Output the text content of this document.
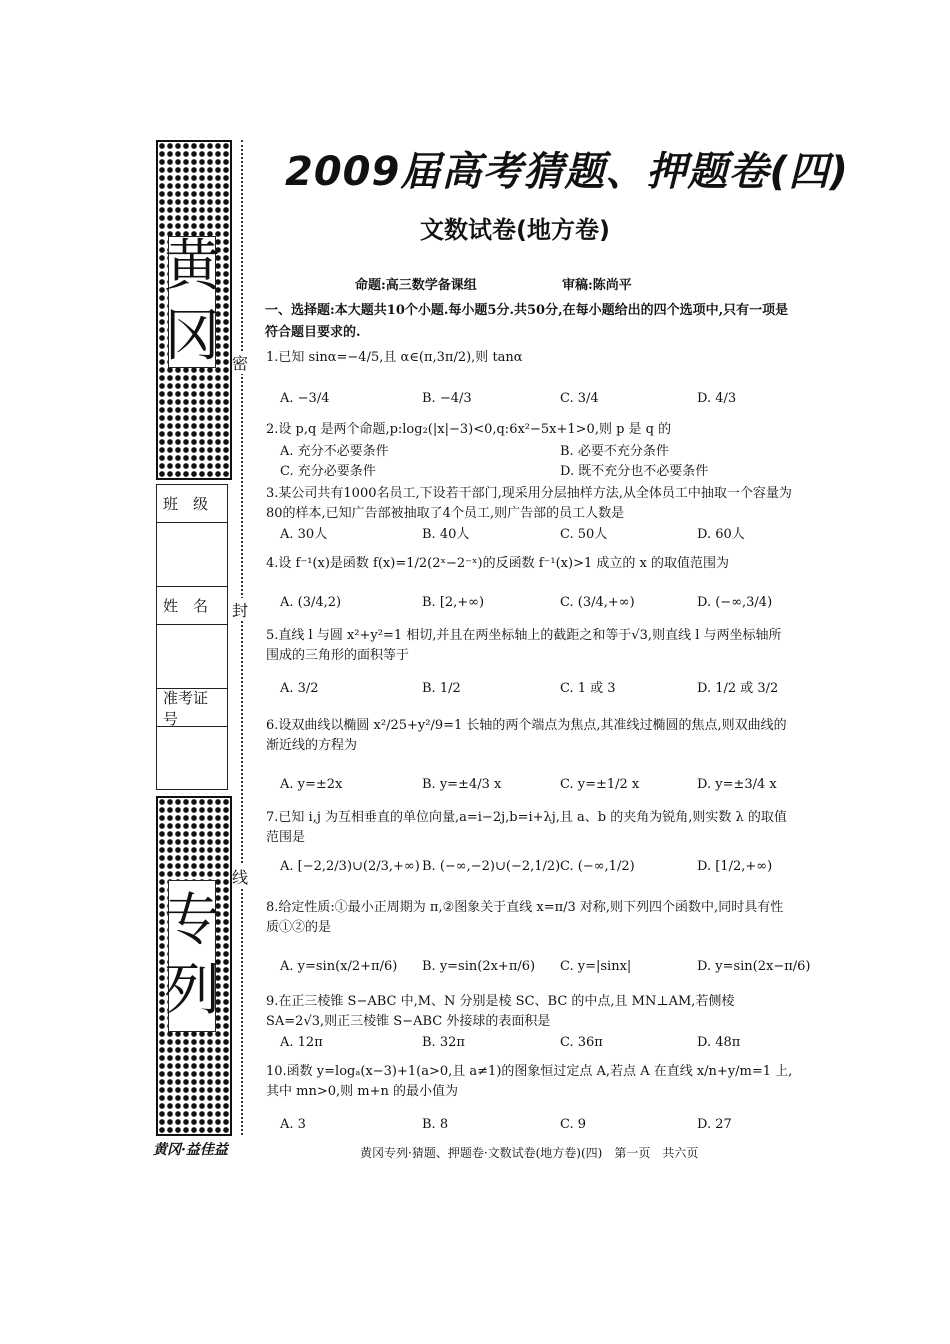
黄
冈
班　级
姓　名
准考证号
专
列
密
封
线
黄冈·益佳益
2009届高考猜题、押题卷(四)
文数试卷(地方卷)
命题:高三数学备课组	审稿:陈尚平
一、选择题:本大题共10个小题.每小题5分.共50分,在每小题给出的四个选项中,只有一项是符合题目要求的.
1.已知 sinα=−4/5,且 α∈(π,3π/2),则 tanα
A. −3/4	B. −4/3	C. 3/4	D. 4/3
2.设 p,q 是两个命题,p:log₂(|x|−3)<0,q:6x²−5x+1>0,则 p 是 q 的
A. 充分不必要条件	B. 必要不充分条件
C. 充分必要条件	D. 既不充分也不必要条件
3.某公司共有1000名员工,下设若干部门,现采用分层抽样方法,从全体员工中抽取一个容量为80的样本,已知广告部被抽取了4个员工,则广告部的员工人数是
A. 30人	B. 40人	C. 50人	D. 60人
4.设 f⁻¹(x)是函数 f(x)=1/2(2ˣ−2⁻ˣ)的反函数 f⁻¹(x)>1 成立的 x 的取值范围为
A. (3/4,2)	B. [2,+∞)	C. (3/4,+∞)	D. (−∞,3/4)
5.直线 l 与圆 x²+y²=1 相切,并且在两坐标轴上的截距之和等于√3,则直线 l 与两坐标轴所围成的三角形的面积等于
A. 3/2	B. 1/2	C. 1 或 3	D. 1/2 或 3/2
6.设双曲线以椭圆 x²/25+y²/9=1 长轴的两个端点为焦点,其准线过椭圆的焦点,则双曲线的渐近线的方程为
A. y=±2x	B. y=±4/3 x	C. y=±1/2 x	D. y=±3/4 x
7.已知 i,j 为互相垂直的单位向量,a=i−2j,b=i+λj,且 a、b 的夹角为锐角,则实数 λ 的取值范围是
A. [−2,2/3)∪(2/3,+∞) B. (−∞,−2)∪(−2,1/2) C. (−∞,1/2)	D. [1/2,+∞)
8.给定性质:①最小正周期为 π,②图象关于直线 x=π/3 对称,则下列四个函数中,同时具有性质①②的是
A. y=sin(x/2+π/6) B. y=sin(2x+π/6) C. y=|sinx|	D. y=sin(2x−π/6)
9.在正三棱锥 S−ABC 中,M、N 分别是棱 SC、BC 的中点,且 MN⊥AM,若侧棱 SA=2√3,则正三棱锥 S−ABC 外接球的表面积是
A. 12π	B. 32π	C. 36π	D. 48π
10.函数 y=logₐ(x−3)+1(a>0,且 a≠1)的图象恒过定点 A,若点 A 在直线 x/n+y/m=1 上,其中 mn>0,则 m+n 的最小值为
A. 3	B. 8	C. 9	D. 27
黄冈专列·猜题、押题卷·文数试卷(地方卷)(四)　第一页　共六页
